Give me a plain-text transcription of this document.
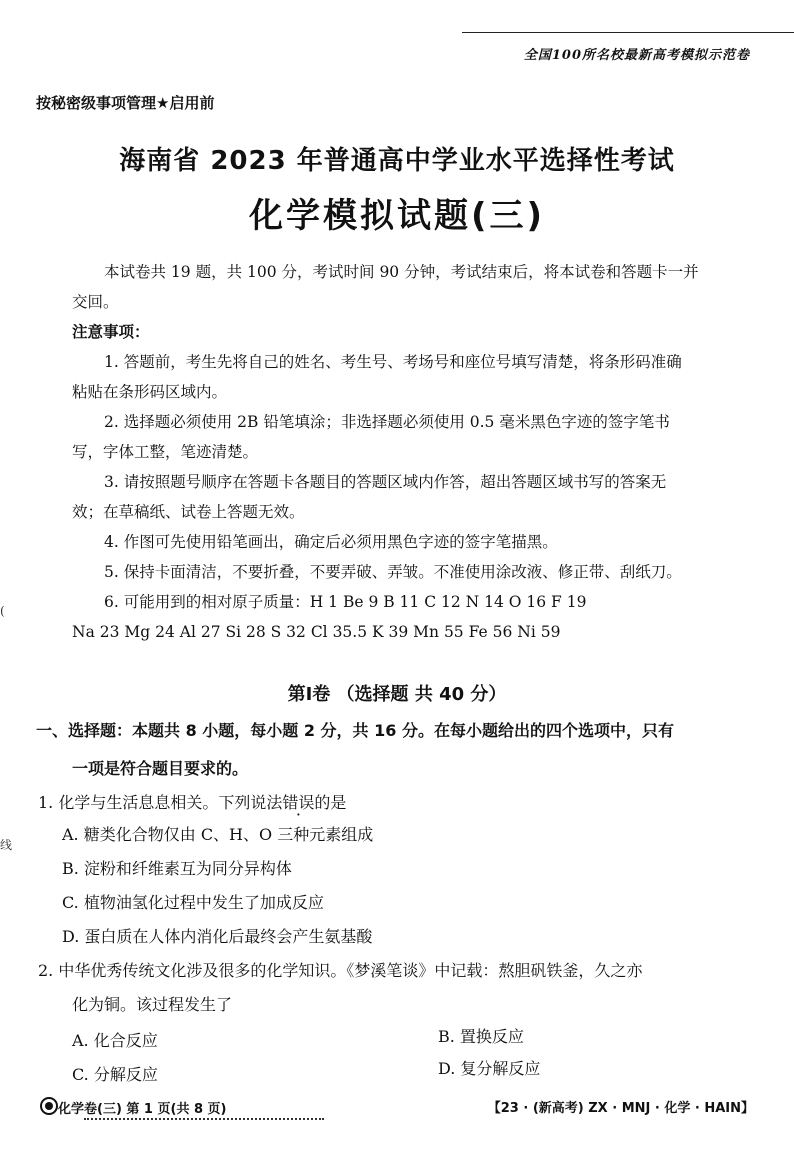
全国100所名校最新高考模拟示范卷
按秘密级事项管理★启用前
海南省 2023 年普通高中学业水平选择性考试
化学模拟试题(三)
本试卷共 19 题，共 100 分，考试时间 90 分钟，考试结束后，将本试卷和答题卡一并
交回。
注意事项：
1. 答题前，考生先将自己的姓名、考生号、考场号和座位号填写清楚，将条形码准确
粘贴在条形码区域内。
2. 选择题必须使用 2B 铅笔填涂；非选择题必须使用 0.5 毫米黑色字迹的签字笔书
写，字体工整，笔迹清楚。
3. 请按照题号顺序在答题卡各题目的答题区域内作答，超出答题区域书写的答案无
效；在草稿纸、试卷上答题无效。
4. 作图可先使用铅笔画出，确定后必须用黑色字迹的签字笔描黑。
5. 保持卡面清洁，不要折叠，不要弄破、弄皱。不准使用涂改液、修正带、刮纸刀。
6. 可能用到的相对原子质量：H 1 Be 9 B 11 C 12 N 14 O 16 F 19
Na 23 Mg 24 Al 27 Si 28 S 32 Cl 35.5 K 39 Mn 55 Fe 56 Ni 59
第Ⅰ卷 （选择题 共 40 分）
一、选择题：本题共 8 小题，每小题 2 分，共 16 分。在每小题给出的四个选项中，只有
一项是符合题目要求的。
1. 化学与生活息息相关。下列说法错误的是
A. 糖类化合物仅由 C、H、O 三种元素组成
B. 淀粉和纤维素互为同分异构体
C. 植物油氢化过程中发生了加成反应
D. 蛋白质在人体内消化后最终会产生氨基酸
2. 中华优秀传统文化涉及很多的化学知识。《梦溪笔谈》中记载：熬胆矾铁釜，久之亦
化为铜。该过程发生了
A. 化合反应	B. 置换反应
C. 分解反应	D. 复分解反应
化学卷(三) 第 1 页(共 8 页)	【23 · (新高考) ZX · MNJ · 化学 · HAIN】
(
线
